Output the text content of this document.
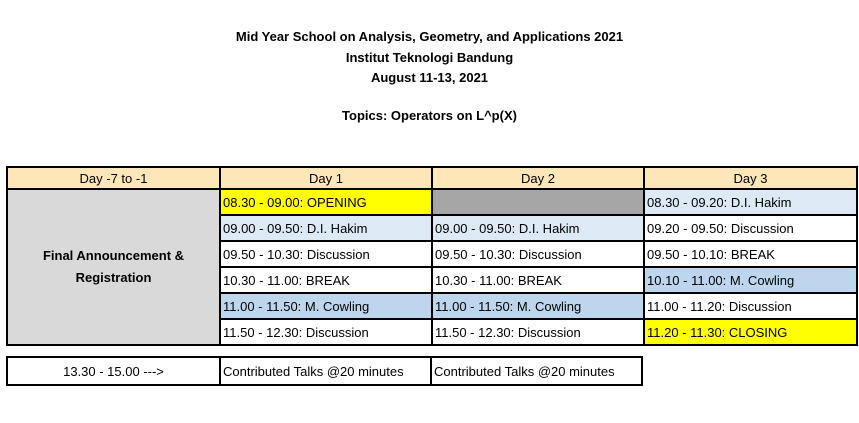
Mid Year School on Analysis, Geometry, and Applications 2021
Institut Teknologi Bandung
August 11-13, 2021
Topics: Operators on L^p(X)
Day -7 to -1	Day 1	Day 2	Day 3
Final Announcement & Registration	08.30 - 09.00: OPENING		08.30 - 09.20: D.I. Hakim
	09.00 - 09.50: D.I. Hakim	09.00 - 09.50: D.I. Hakim	09.20 - 09.50: Discussion
	09.50 - 10.30: Discussion	09.50 - 10.30: Discussion	09.50 - 10.10: BREAK
	10.30 - 11.00: BREAK	10.30 - 11.00: BREAK	10.10 - 11.00: M. Cowling
	11.00 - 11.50: M. Cowling	11.00 - 11.50: M. Cowling	11.00 - 11.20: Discussion
	11.50 - 12.30: Discussion	11.50 - 12.30: Discussion	11.20 - 11.30: CLOSING
13.30 - 15.00 --->	Contributed Talks @20 minutes	Contributed Talks @20 minutes
